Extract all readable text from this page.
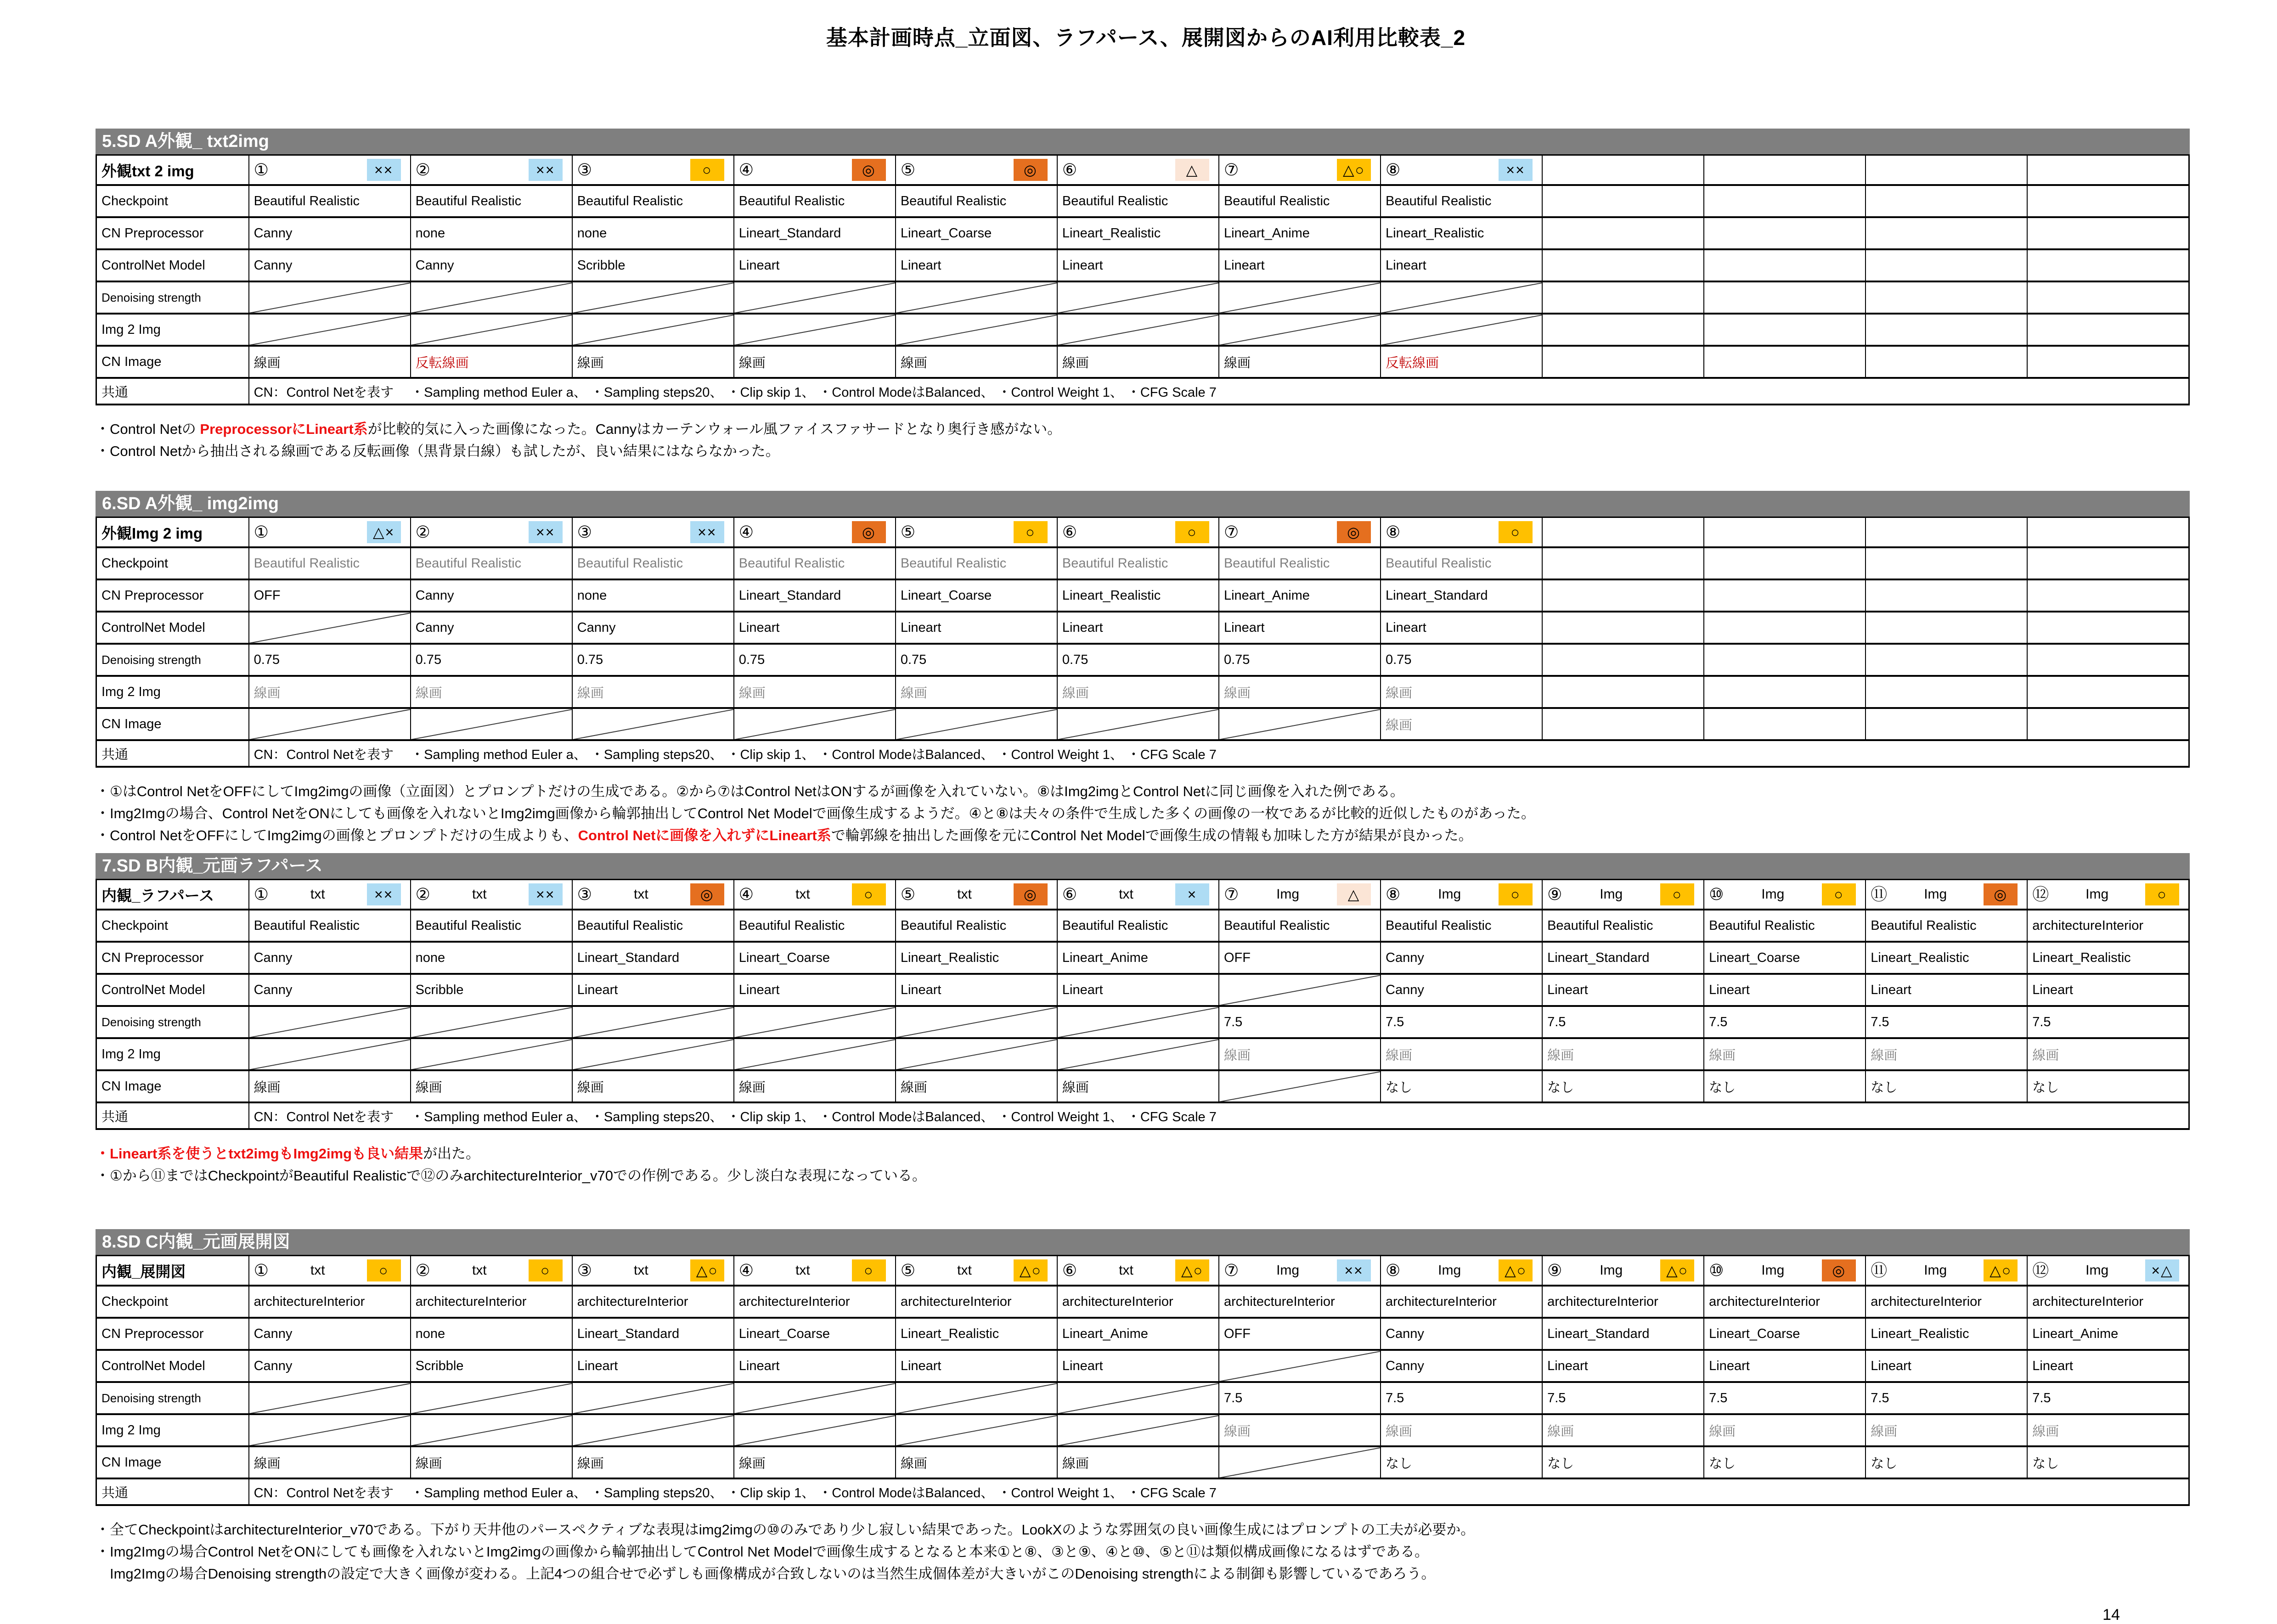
基本計画時点_立面図、ラフパース、展開図からのAI利用比較表_2
5.SD A外観_ txt2img
外観txt 2 img	① ××	② ××	③ ○	④ ◎	⑤ ◎	⑥ △	⑦ △○	⑧ ××				

Checkpoint	Beautiful Realistic	Beautiful Realistic	Beautiful Realistic	Beautiful Realistic	Beautiful Realistic	Beautiful Realistic	Beautiful Realistic	Beautiful Realistic				
CN Preprocessor	Canny	none	none	Lineart_Standard	Lineart_Coarse	Lineart_Realistic	Lineart_Anime	Lineart_Realistic				
ControlNet Model	Canny	Canny	Scribble	Lineart	Lineart	Lineart	Lineart	Lineart				
Denoising strength												
Img 2 Img												
CN Image	線画	反転線画	線画	線画	線画	線画	線画	反転線画				
共通	CN：Control Netを表す　 ・Sampling method Euler a、 ・Sampling steps20、 ・Clip skip 1、 ・Control ModeはBalanced、 ・Control Weight 1、 ・CFG Scale 7											
・Control Netの PreprocessorにLineart系が比較的気に入った画像になった。Cannyはカーテンウォール風ファイスファサードとなり奥行き感がない。
・Control Netから抽出される線画である反転画像（黒背景白線）も試したが、良い結果にはならなかった。
6.SD A外観_ img2img
外観Img 2 img	① △×	② ××	③ ××	④ ◎	⑤ ○	⑥ ○	⑦ ◎	⑧ ○				

Checkpoint	Beautiful Realistic	Beautiful Realistic	Beautiful Realistic	Beautiful Realistic	Beautiful Realistic	Beautiful Realistic	Beautiful Realistic	Beautiful Realistic				
CN Preprocessor	OFF	Canny	none	Lineart_Standard	Lineart_Coarse	Lineart_Realistic	Lineart_Anime	Lineart_Standard				
ControlNet Model		Canny	Canny	Lineart	Lineart	Lineart	Lineart	Lineart				
Denoising strength	0.75	0.75	0.75	0.75	0.75	0.75	0.75	0.75				
Img 2 Img	線画	線画	線画	線画	線画	線画	線画	線画				
CN Image								線画				
共通	CN：Control Netを表す　 ・Sampling method Euler a、 ・Sampling steps20、 ・Clip skip 1、 ・Control ModeはBalanced、 ・Control Weight 1、 ・CFG Scale 7											
・①はControl NetをOFFにしてImg2imgの画像（立面図）とプロンプトだけの生成である。②から⑦はControl NetはONするが画像を入れていない。⑧はImg2imgとControl Netに同じ画像を入れた例である。
・Img2Imgの場合、Control NetをONにしても画像を入れないとImg2img画像から輪郭抽出してControl Net Modelで画像生成するようだ。④と⑧は夫々の条件で生成した多くの画像の一枚であるが比較的近似したものがあった。
・Control NetをOFFにしてImg2imgの画像とプロンプトだけの生成よりも、Control Netに画像を入れずにLineart系で輪郭線を抽出した画像を元にControl Net Modelで画像生成の情報も加味した方が結果が良かった。
7.SD B内観_元画ラフパース
内観_ラフパース	① txt ××	② txt ××	③ txt ◎	④ txt ○	⑤ txt ◎	⑥ txt ×	⑦ Img △	⑧ Img ○	⑨ Img ○	⑩ Img ○	⑪ Img ◎	⑫ Img ○

Checkpoint	Beautiful Realistic	Beautiful Realistic	Beautiful Realistic	Beautiful Realistic	Beautiful Realistic	Beautiful Realistic	Beautiful Realistic	Beautiful Realistic	Beautiful Realistic	Beautiful Realistic	Beautiful Realistic	architectureInterior
CN Preprocessor	Canny	none	Lineart_Standard	Lineart_Coarse	Lineart_Realistic	Lineart_Anime	OFF	Canny	Lineart_Standard	Lineart_Coarse	Lineart_Realistic	Lineart_Realistic
ControlNet Model	Canny	Scribble	Lineart	Lineart	Lineart	Lineart		Canny	Lineart	Lineart	Lineart	Lineart
Denoising strength							7.5	7.5	7.5	7.5	7.5	7.5
Img 2 Img							線画	線画	線画	線画	線画	線画
CN Image	線画	線画	線画	線画	線画	線画		なし	なし	なし	なし	なし
共通	CN：Control Netを表す　 ・Sampling method Euler a、 ・Sampling steps20、 ・Clip skip 1、 ・Control ModeはBalanced、 ・Control Weight 1、 ・CFG Scale 7											
・Lineart系を使うとtxt2imgもImg2imgも良い結果が出た。
・①から⑪まではCheckpointがBeautiful Realisticで⑫のみarchitectureInterior_v70での作例である。少し淡白な表現になっている。
8.SD C内観_元画展開図
内観_展開図	① txt ○	② txt ○	③ txt △○	④ txt ○	⑤ txt △○	⑥ txt △○	⑦ Img ××	⑧ Img △○	⑨ Img △○	⑩ Img ◎	⑪ Img △○	⑫ Img ×△

Checkpoint	architectureInterior	architectureInterior	architectureInterior	architectureInterior	architectureInterior	architectureInterior	architectureInterior	architectureInterior	architectureInterior	architectureInterior	architectureInterior	architectureInterior
CN Preprocessor	Canny	none	Lineart_Standard	Lineart_Coarse	Lineart_Realistic	Lineart_Anime	OFF	Canny	Lineart_Standard	Lineart_Coarse	Lineart_Realistic	Lineart_Anime
ControlNet Model	Canny	Scribble	Lineart	Lineart	Lineart	Lineart		Canny	Lineart	Lineart	Lineart	Lineart
Denoising strength							7.5	7.5	7.5	7.5	7.5	7.5
Img 2 Img							線画	線画	線画	線画	線画	線画
CN Image	線画	線画	線画	線画	線画	線画		なし	なし	なし	なし	なし
共通	CN：Control Netを表す　 ・Sampling method Euler a、 ・Sampling steps20、 ・Clip skip 1、 ・Control ModeはBalanced、 ・Control Weight 1、 ・CFG Scale 7											
・全てCheckpointはarchitectureInterior_v70である。下がり天井他のパースペクティブな表現はimg2imgの⑩のみであり少し寂しい結果であった。LookXのような雰囲気の良い画像生成にはプロンプトの工夫が必要か。
・Img2Imgの場合Control NetをONにしても画像を入れないとImg2imgの画像から輪郭抽出してControl Net Modelで画像生成するとなると本来①と⑧、③と⑨、④と⑩、⑤と⑪は類似構成画像になるはずである。
　Img2Imgの場合Denoising strengthの設定で大きく画像が変わる。上記4つの組合せで必ずしも画像構成が合致しないのは当然生成個体差が大きいがこのDenoising strengthによる制御も影響しているであろう。
14
